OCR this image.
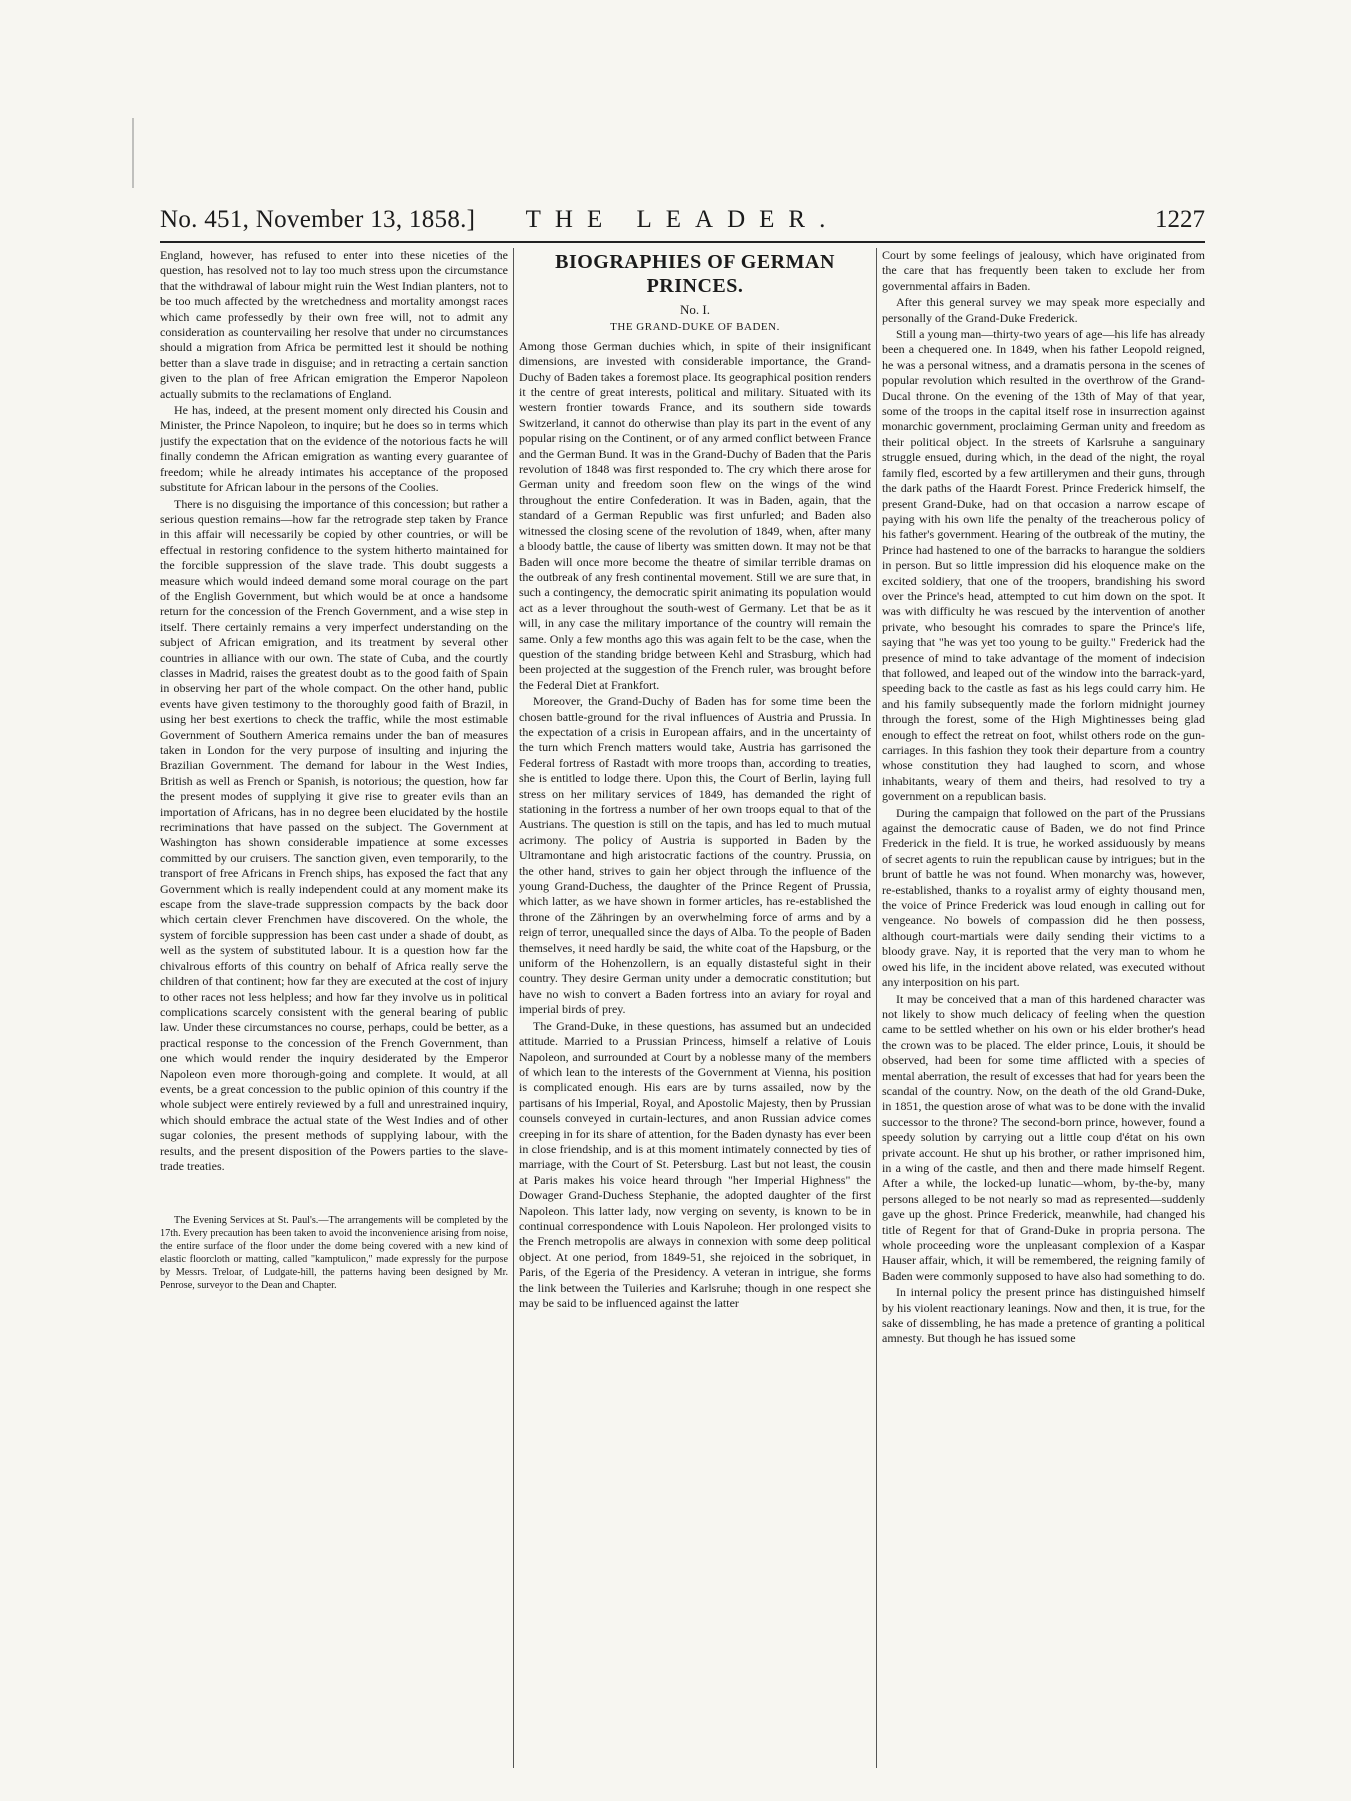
No. 451, November 13, 1858.]	THE LEADER.	1227

England, however, has refused to enter into these niceties of the question, has resolved not to lay too much stress upon the circumstance that the withdrawal of labour might ruin the West Indian planters, not to be too much affected by the wretchedness and mortality amongst races which came professedly by their own free will, not to admit any consideration as countervailing her resolve that under no circumstances should a migration from Africa be permitted lest it should be nothing better than a slave trade in disguise; and in retracting a certain sanction given to the plan of free African emigration the Emperor Napoleon actually submits to the reclamations of England.

He has, indeed, at the present moment only directed his Cousin and Minister, the Prince Napoleon, to inquire; but he does so in terms which justify the expectation that on the evidence of the notorious facts he will finally condemn the African emigration as wanting every guarantee of freedom; while he already intimates his acceptance of the proposed substitute for African labour in the persons of the Coolies.

There is no disguising the importance of this concession; but rather a serious question remains—how far the retrograde step taken by France in this affair will necessarily be copied by other countries, or will be effectual in restoring confidence to the system hitherto maintained for the forcible suppression of the slave trade. This doubt suggests a measure which would indeed demand some moral courage on the part of the English Government, but which would be at once a handsome return for the concession of the French Government, and a wise step in itself. There certainly remains a very imperfect understanding on the subject of African emigration, and its treatment by several other countries in alliance with our own. The state of Cuba, and the courtly classes in Madrid, raises the greatest doubt as to the good faith of Spain in observing her part of the whole compact. On the other hand, public events have given testimony to the thoroughly good faith of Brazil, in using her best exertions to check the traffic, while the most estimable Government of Southern America remains under the ban of measures taken in London for the very purpose of insulting and injuring the Brazilian Government. The demand for labour in the West Indies, British as well as French or Spanish, is notorious; the question, how far the present modes of supplying it give rise to greater evils than an importation of Africans, has in no degree been elucidated by the hostile recriminations that have passed on the subject. The Government at Washington has shown considerable impatience at some excesses committed by our cruisers. The sanction given, even temporarily, to the transport of free Africans in French ships, has exposed the fact that any Government which is really independent could at any moment make its escape from the slave-trade suppression compacts by the back door which certain clever Frenchmen have discovered. On the whole, the system of forcible suppression has been cast under a shade of doubt, as well as the system of substituted labour. It is a question how far the chivalrous efforts of this country on behalf of Africa really serve the children of that continent; how far they are executed at the cost of injury to other races not less helpless; and how far they involve us in political complications scarcely consistent with the general bearing of public law. Under these circumstances no course, perhaps, could be better, as a practical response to the concession of the French Government, than one which would render the inquiry desiderated by the Emperor Napoleon even more thorough-going and complete. It would, at all events, be a great concession to the public opinion of this country if the whole subject were entirely reviewed by a full and unrestrained inquiry, which should embrace the actual state of the West Indies and of other sugar colonies, the present methods of supplying labour, with the results, and the present disposition of the Powers parties to the slave-trade treaties.

The Evening Services at St. Paul's.—The arrangements will be completed by the 17th. Every precaution has been taken to avoid the inconvenience arising from noise, the entire surface of the floor under the dome being covered with a new kind of elastic floorcloth or matting, called "kamptulicon," made expressly for the purpose by Messrs. Treloar, of Ludgate-hill, the patterns having been designed by Mr. Penrose, surveyor to the Dean and Chapter.

BIOGRAPHIES OF GERMAN PRINCES.
No. I.
THE GRAND-DUKE OF BADEN.

Among those German duchies which, in spite of their insignificant dimensions, are invested with considerable importance, the Grand-Duchy of Baden takes a foremost place. Its geographical position renders it the centre of great interests, political and military. Situated with its western frontier towards France, and its southern side towards Switzerland, it cannot do otherwise than play its part in the event of any popular rising on the Continent, or of any armed conflict between France and the German Bund. It was in the Grand-Duchy of Baden that the Paris revolution of 1848 was first responded to. The cry which there arose for German unity and freedom soon flew on the wings of the wind throughout the entire Confederation. It was in Baden, again, that the standard of a German Republic was first unfurled; and Baden also witnessed the closing scene of the revolution of 1849, when, after many a bloody battle, the cause of liberty was smitten down. It may not be that Baden will once more become the theatre of similar terrible dramas on the outbreak of any fresh continental movement. Still we are sure that, in such a contingency, the democratic spirit animating its population would act as a lever throughout the south-west of Germany. Let that be as it will, in any case the military importance of the country will remain the same. Only a few months ago this was again felt to be the case, when the question of the standing bridge between Kehl and Strasburg, which had been projected at the suggestion of the French ruler, was brought before the Federal Diet at Frankfort.

Moreover, the Grand-Duchy of Baden has for some time been the chosen battle-ground for the rival influences of Austria and Prussia. In the expectation of a crisis in European affairs, and in the uncertainty of the turn which French matters would take, Austria has garrisoned the Federal fortress of Rastadt with more troops than, according to treaties, she is entitled to lodge there. Upon this, the Court of Berlin, laying full stress on her military services of 1849, has demanded the right of stationing in the fortress a number of her own troops equal to that of the Austrians. The question is still on the tapis, and has led to much mutual acrimony. The policy of Austria is supported in Baden by the Ultramontane and high aristocratic factions of the country. Prussia, on the other hand, strives to gain her object through the influence of the young Grand-Duchess, the daughter of the Prince Regent of Prussia, which latter, as we have shown in former articles, has re-established the throne of the Zähringen by an overwhelming force of arms and by a reign of terror, unequalled since the days of Alba. To the people of Baden themselves, it need hardly be said, the white coat of the Hapsburg, or the uniform of the Hohenzollern, is an equally distasteful sight in their country. They desire German unity under a democratic constitution; but have no wish to convert a Baden fortress into an aviary for royal and imperial birds of prey.

The Grand-Duke, in these questions, has assumed but an undecided attitude. Married to a Prussian Princess, himself a relative of Louis Napoleon, and surrounded at Court by a noblesse many of the members of which lean to the interests of the Government at Vienna, his position is complicated enough. His ears are by turns assailed, now by the partisans of his Imperial, Royal, and Apostolic Majesty, then by Prussian counsels conveyed in curtain-lectures, and anon Russian advice comes creeping in for its share of attention, for the Baden dynasty has ever been in close friendship, and is at this moment intimately connected by ties of marriage, with the Court of St. Petersburg. Last but not least, the cousin at Paris makes his voice heard through "her Imperial Highness" the Dowager Grand-Duchess Stephanie, the adopted daughter of the first Napoleon. This latter lady, now verging on seventy, is known to be in continual correspondence with Louis Napoleon. Her prolonged visits to the French metropolis are always in connexion with some deep political object. At one period, from 1849-51, she rejoiced in the sobriquet, in Paris, of the Egeria of the Presidency. A veteran in intrigue, she forms the link between the Tuileries and Karlsruhe; though in one respect she may be said to be influenced against the latter

Court by some feelings of jealousy, which have originated from the care that has frequently been taken to exclude her from governmental affairs in Baden.

After this general survey we may speak more especially and personally of the Grand-Duke Frederick.

Still a young man—thirty-two years of age—his life has already been a chequered one. In 1849, when his father Leopold reigned, he was a personal witness, and a dramatis persona in the scenes of popular revolution which resulted in the overthrow of the Grand-Ducal throne. On the evening of the 13th of May of that year, some of the troops in the capital itself rose in insurrection against monarchic government, proclaiming German unity and freedom as their political object. In the streets of Karlsruhe a sanguinary struggle ensued, during which, in the dead of the night, the royal family fled, escorted by a few artillerymen and their guns, through the dark paths of the Haardt Forest. Prince Frederick himself, the present Grand-Duke, had on that occasion a narrow escape of paying with his own life the penalty of the treacherous policy of his father's government. Hearing of the outbreak of the mutiny, the Prince had hastened to one of the barracks to harangue the soldiers in person. But so little impression did his eloquence make on the excited soldiery, that one of the troopers, brandishing his sword over the Prince's head, attempted to cut him down on the spot. It was with difficulty he was rescued by the intervention of another private, who besought his comrades to spare the Prince's life, saying that "he was yet too young to be guilty." Frederick had the presence of mind to take advantage of the moment of indecision that followed, and leaped out of the window into the barrack-yard, speeding back to the castle as fast as his legs could carry him. He and his family subsequently made the forlorn midnight journey through the forest, some of the High Mightinesses being glad enough to effect the retreat on foot, whilst others rode on the gun-carriages. In this fashion they took their departure from a country whose constitution they had laughed to scorn, and whose inhabitants, weary of them and theirs, had resolved to try a government on a republican basis.

During the campaign that followed on the part of the Prussians against the democratic cause of Baden, we do not find Prince Frederick in the field. It is true, he worked assiduously by means of secret agents to ruin the republican cause by intrigues; but in the brunt of battle he was not found. When monarchy was, however, re-established, thanks to a royalist army of eighty thousand men, the voice of Prince Frederick was loud enough in calling out for vengeance. No bowels of compassion did he then possess, although court-martials were daily sending their victims to a bloody grave. Nay, it is reported that the very man to whom he owed his life, in the incident above related, was executed without any interposition on his part.

It may be conceived that a man of this hardened character was not likely to show much delicacy of feeling when the question came to be settled whether on his own or his elder brother's head the crown was to be placed. The elder prince, Louis, it should be observed, had been for some time afflicted with a species of mental aberration, the result of excesses that had for years been the scandal of the country. Now, on the death of the old Grand-Duke, in 1851, the question arose of what was to be done with the invalid successor to the throne? The second-born prince, however, found a speedy solution by carrying out a little coup d'état on his own private account. He shut up his brother, or rather imprisoned him, in a wing of the castle, and then and there made himself Regent. After a while, the locked-up lunatic—whom, by-the-by, many persons alleged to be not nearly so mad as represented—suddenly gave up the ghost. Prince Frederick, meanwhile, had changed his title of Regent for that of Grand-Duke in propria persona. The whole proceeding wore the unpleasant complexion of a Kaspar Hauser affair, which, it will be remembered, the reigning family of Baden were commonly supposed to have also had something to do.

In internal policy the present prince has distinguished himself by his violent reactionary leanings. Now and then, it is true, for the sake of dissembling, he has made a pretence of granting a political amnesty. But though he has issued some
